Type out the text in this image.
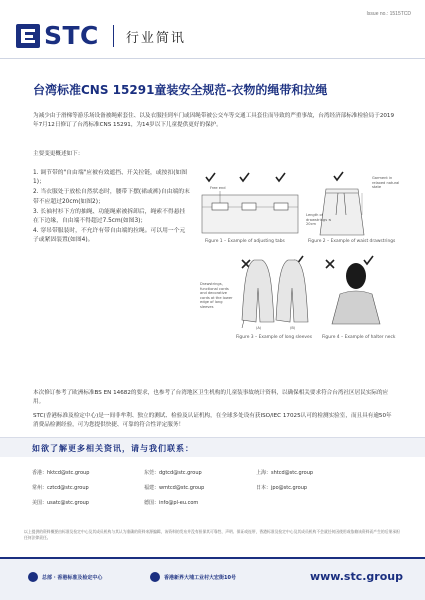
Issue no.: 1515TCD
STC 行业简讯
台湾标准CNS 15291童装安全规范-衣物的绳带和拉绳
为减少由于滑梯等游乐场设备被绳索套住、以及衣服挂到车门或因绳带被公交车等交通工具套住而导致的严重事故，台湾经济部标准检验局于2019年7月12日修订了台湾标准CNS 15291，为14岁以下儿童提供更好的保护。
主要变更概述如下：
1. 调节带的"自由端"应被有效遮挡、开关拉链，或按扣(如图1)；
2. 当衣服处于放松自然状态时，腰带下摆(裙或裤)自由端的末带不应超过20cm(如图2)；
3. 长袖衬衫下方的抽绳、功能绳索被拆卸后，绳索不得悬挂在下边缘，自由端不得超过7.5cm(如图3)；
4. 穿吊带服装时，不允许有带自由端的拉绳。可以用一个元子或紧固装置(如图4)。
Free end
Figure 1 – Example of adjusting tabs
Length of drawstrings ≤ 20cm
Garment in relaxed natural state
Figure 2 – Example of waist drawstrings
Drawstrings, functional cords and decorative cords at the lower edge of long sleeves
(A)	(B)
Figure 3 – Example of long sleeves Figure 4 – Example of halter neck
本次修订参考了欧洲标准BS EN 14682的要求，也参考了台湾地区卫生机构的儿童装事故统计资料，以确保相关要求符合台湾社区居民实际的应用。
STC(香港标准及检定中心)是一间非牟利、独立的测试、检验及认证机构，在全球多处设有获ISO/IEC 17025认可的检测实验室，而且具有逾50年消费品检测经验，可为您提供快捷、可靠的符合性评定服务！
如欲了解更多相关资讯，请与我们联系：
香港：hktcd@stc.group	东莞：dgtcd@stc.group	上海：shtcd@stc.group
常州：cztcd@stc.group	福建：wmtcd@stc.group	日本：jpo@stc.group
美国：usatc@stc.group	德国：info@pl-eu.com
以上提供的资料概要由标准及检定中心及其成员机构与其认为准确的资料来源编辑，该资料的发布并没有担保其可靠性、声明、保证或连带，香港标准及检定中心及其成员机构不会就任何因使用或依赖该资料而产生的后果承担任何法律责任。
总部 · 香港标准及检定中心	香港新界大埔工业村大宏街10号	www.stc.group
